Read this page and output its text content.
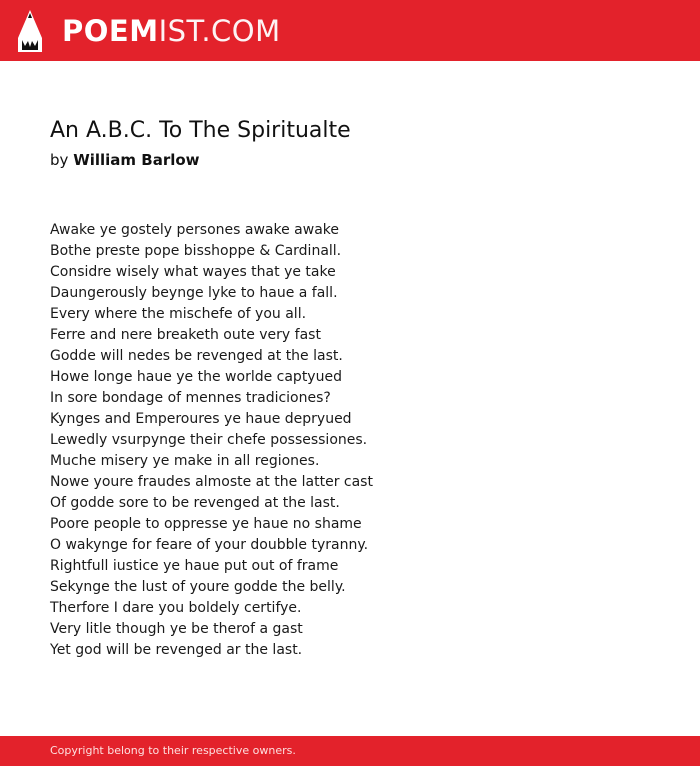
POEMIST.COM
An A.B.C. To The Spiritualte
by William Barlow
Awake ye gostely persones awake awake
Bothe preste pope bisshoppe & Cardinall.
Considre wisely what wayes that ye take
Daungerously beynge lyke to haue a fall.
Every where the mischefe of you all.
Ferre and nere breaketh oute very fast
Godde will nedes be revenged at the last.
Howe longe haue ye the worlde captyued
In sore bondage of mennes tradiciones?
Kynges and Emperoures ye haue depryued
Lewedly vsurpynge their chefe possessiones.
Muche misery ye make in all regiones.
Nowe youre fraudes almoste at the latter cast
Of godde sore to be revenged at the last.
Poore people to oppresse ye haue no shame
O wakynge for feare of your doubble tyranny.
Rightfull iustice ye haue put out of frame
Sekynge the lust of youre godde the belly.
Therfore I dare you boldely certifye.
Very litle though ye be therof a gast
Yet god will be revenged ar the last.
Copyright belong to their respective owners.
